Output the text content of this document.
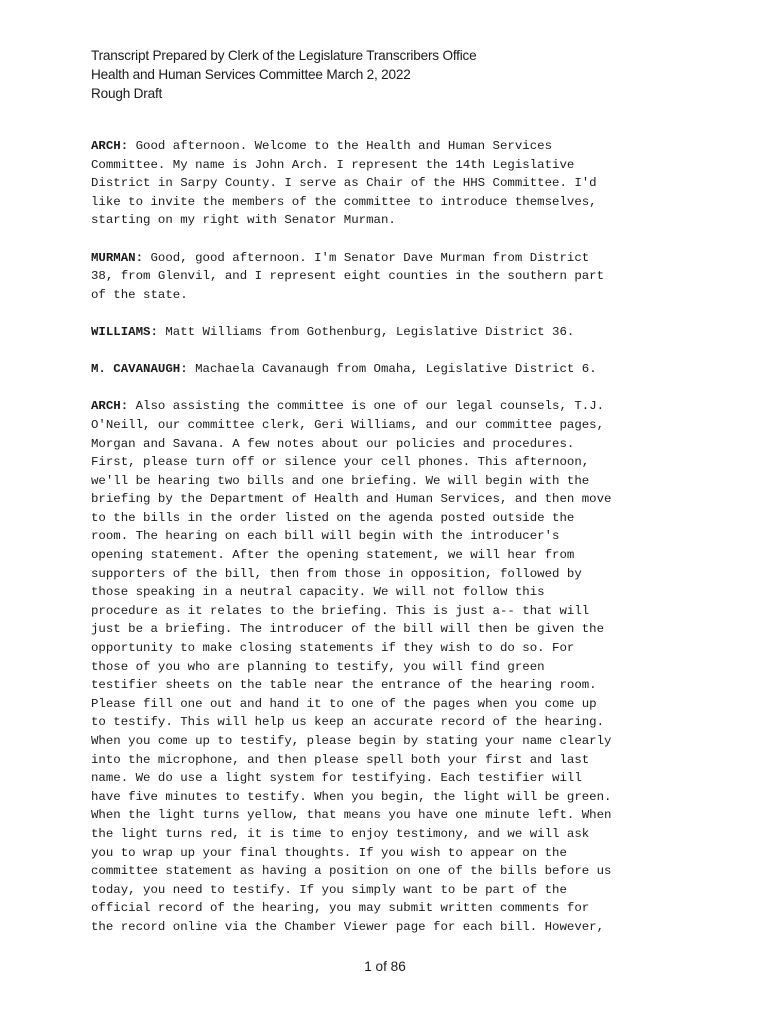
Transcript Prepared by Clerk of the Legislature Transcribers Office
Health and Human Services Committee March 2, 2022
Rough Draft
ARCH: Good afternoon. Welcome to the Health and Human Services
Committee. My name is John Arch. I represent the 14th Legislative
District in Sarpy County. I serve as Chair of the HHS Committee. I'd
like to invite the members of the committee to introduce themselves,
starting on my right with Senator Murman.
MURMAN: Good, good afternoon. I'm Senator Dave Murman from District
38, from Glenvil, and I represent eight counties in the southern part
of the state.
WILLIAMS: Matt Williams from Gothenburg, Legislative District 36.
M. CAVANAUGH: Machaela Cavanaugh from Omaha, Legislative District 6.
ARCH: Also assisting the committee is one of our legal counsels, T.J.
O'Neill, our committee clerk, Geri Williams, and our committee pages,
Morgan and Savana. A few notes about our policies and procedures.
First, please turn off or silence your cell phones. This afternoon,
we'll be hearing two bills and one briefing. We will begin with the
briefing by the Department of Health and Human Services, and then move
to the bills in the order listed on the agenda posted outside the
room. The hearing on each bill will begin with the introducer's
opening statement. After the opening statement, we will hear from
supporters of the bill, then from those in opposition, followed by
those speaking in a neutral capacity. We will not follow this
procedure as it relates to the briefing. This is just a-- that will
just be a briefing. The introducer of the bill will then be given the
opportunity to make closing statements if they wish to do so. For
those of you who are planning to testify, you will find green
testifier sheets on the table near the entrance of the hearing room.
Please fill one out and hand it to one of the pages when you come up
to testify. This will help us keep an accurate record of the hearing.
When you come up to testify, please begin by stating your name clearly
into the microphone, and then please spell both your first and last
name. We do use a light system for testifying. Each testifier will
have five minutes to testify. When you begin, the light will be green.
When the light turns yellow, that means you have one minute left. When
the light turns red, it is time to enjoy testimony, and we will ask
you to wrap up your final thoughts. If you wish to appear on the
committee statement as having a position on one of the bills before us
today, you need to testify. If you simply want to be part of the
official record of the hearing, you may submit written comments for
the record online via the Chamber Viewer page for each bill. However,
1 of 86
